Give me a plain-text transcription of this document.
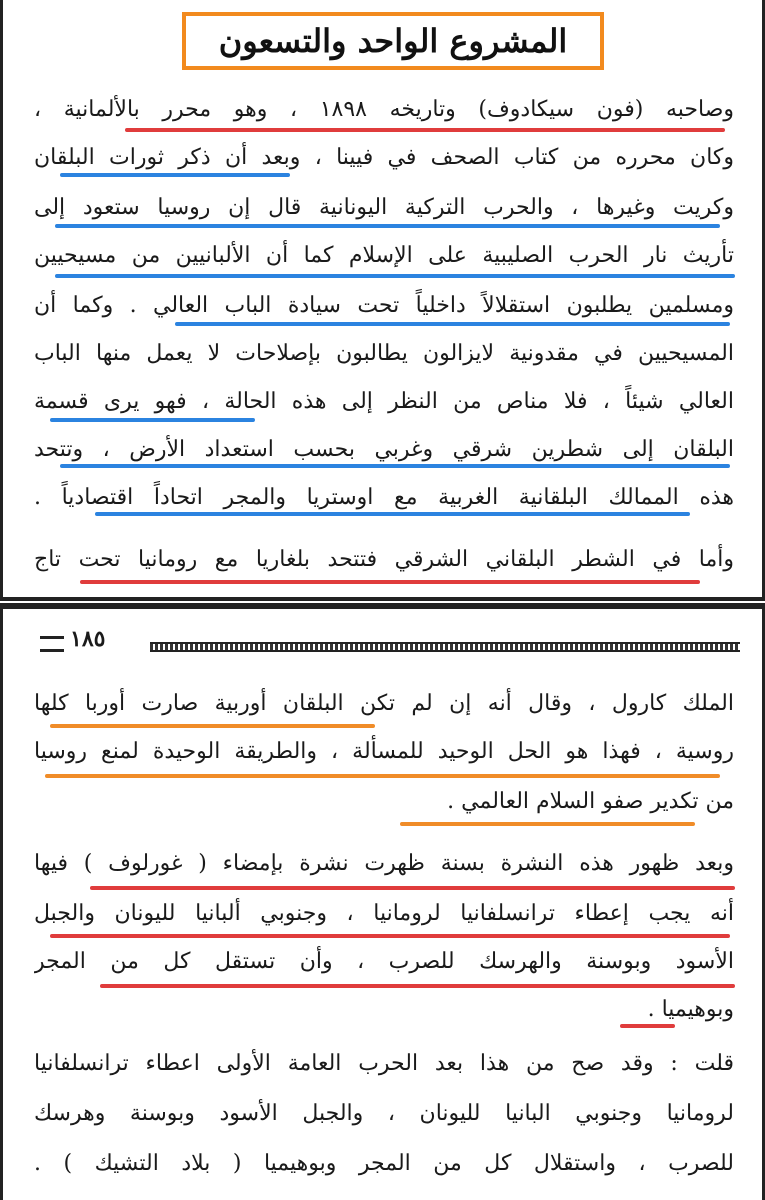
المشروع الواحد والتسعون
وصاحبه (فون سيكادوف) وتاريخه ١٨٩٨ ، وهو محرر بالألمانية ،
وكان محرره من كتاب الصحف في فيينا ، وبعد أن ذكر ثورات البلقان
وكريت وغيرها ، والحرب التركية اليونانية قال إن روسيا ستعود إلى
تأريث نار الحرب الصليبية على الإسلام كما أن الألبانيين من مسيحيين
ومسلمين يطلبون استقلالاً داخلياً تحت سيادة الباب العالي . وكما أن
المسيحيين في مقدونية لايزالون يطالبون بإصلاحات لا يعمل منها الباب
العالي شيئاً ، فلا مناص من النظر إلى هذه الحالة ، فهو يرى قسمة
البلقان إلى شطرين شرقي وغربي بحسب استعداد الأرض ، وتتحد
هذه الممالك البلقانية الغربية مع اوستريا والمجر اتحاداً اقتصادياً .
وأما في الشطر البلقاني الشرقي فتتحد بلغاريا مع رومانيا تحت تاج
١٨٥
الملك كارول ، وقال أنه إن لم تكن البلقان أوربية صارت أوربا كلها
روسية ، فهذا هو الحل الوحيد للمسألة ، والطريقة الوحيدة لمنع روسيا
من تكدير صفو السلام العالمي .
وبعد ظهور هذه النشرة بسنة ظهرت نشرة بإمضاء ( غورلوف ) فيها
أنه يجب إعطاء ترانسلفانيا لرومانيا ، وجنوبي ألبانيا لليونان والجبل
الأسود وبوسنة والهرسك للصرب ، وأن تستقل كل من المجر
وبوهيميا .
قلت : وقد صح من هذا بعد الحرب العامة الأولى اعطاء ترانسلفانيا
لرومانيا وجنوبي البانيا لليونان ، والجبل الأسود وبوسنة وهرسك
للصرب ، واستقلال كل من المجر وبوهيميا ( بلاد التشيك ) .
